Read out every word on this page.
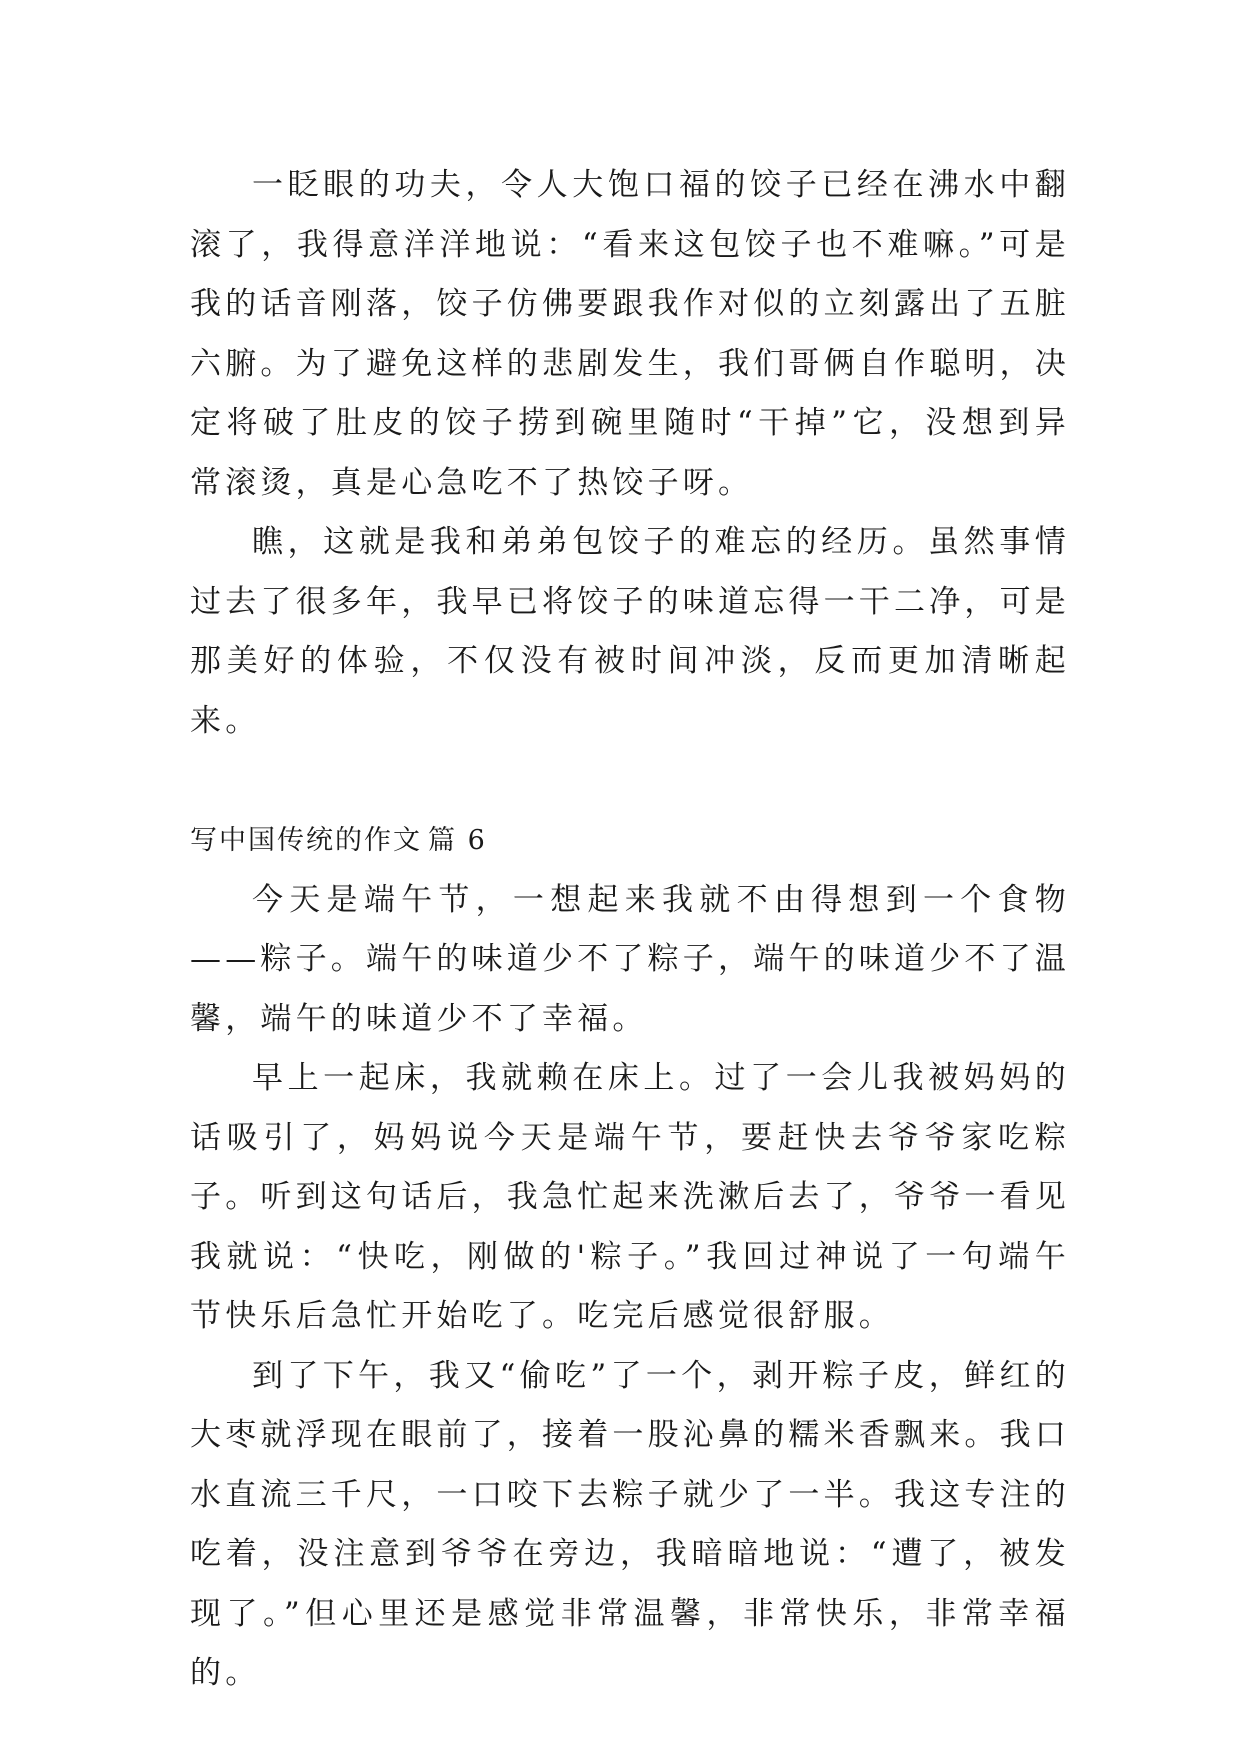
一眨眼的功夫，令人大饱口福的饺子已经在沸水中翻滚了，我得意洋洋地说：“看来这包饺子也不难嘛。”可是我的话音刚落，饺子仿佛要跟我作对似的立刻露出了五脏六腑。为了避免这样的悲剧发生，我们哥俩自作聪明，决定将破了肚皮的饺子捞到碗里随时“干掉”它，没想到异常滚烫，真是心急吃不了热饺子呀。

瞧，这就是我和弟弟包饺子的难忘的经历。虽然事情过去了很多年，我早已将饺子的味道忘得一干二净，可是那美好的体验，不仅没有被时间冲淡，反而更加清晰起来。

写中国传统的作文 篇 6

今天是端午节，一想起来我就不由得想到一个食物——粽子。端午的味道少不了粽子，端午的味道少不了温馨，端午的味道少不了幸福。

早上一起床，我就赖在床上。过了一会儿我被妈妈的话吸引了，妈妈说今天是端午节，要赶快去爷爷家吃粽子。听到这句话后，我急忙起来洗漱后去了，爷爷一看见我就说：“快吃，刚做的'粽子。”我回过神说了一句端午节快乐后急忙开始吃了。吃完后感觉很舒服。

到了下午，我又“偷吃”了一个，剥开粽子皮，鲜红的大枣就浮现在眼前了，接着一股沁鼻的糯米香飘来。我口水直流三千尺，一口咬下去粽子就少了一半。我这专注的吃着，没注意到爷爷在旁边，我暗暗地说：“遭了，被发现了。”但心里还是感觉非常温馨，非常快乐，非常幸福的。
